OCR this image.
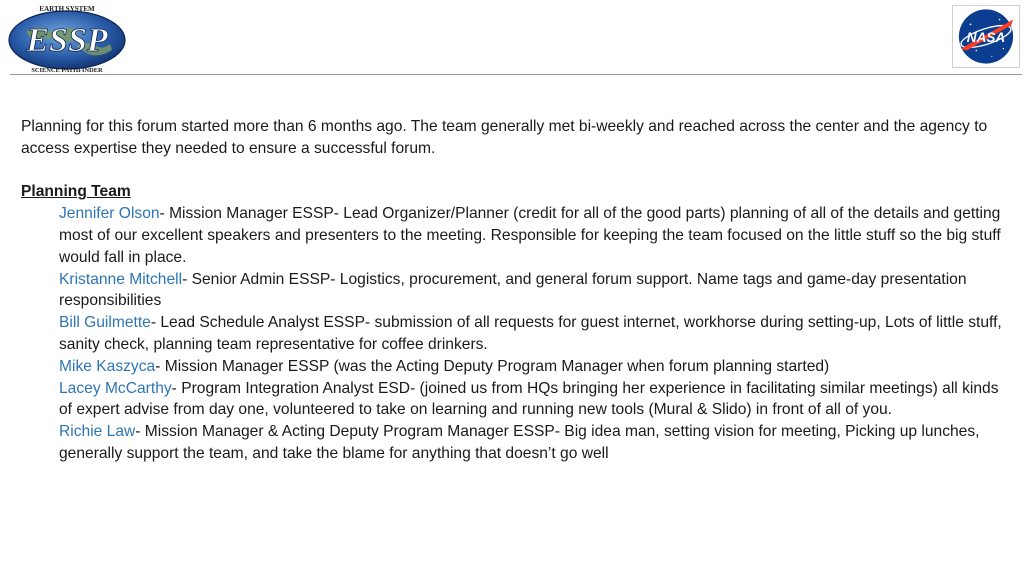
EARTH SYSTEM
ESSP
SCIENCE PATHFINDER
NASA

Planning for this forum started more than 6 months ago. The team generally met bi-weekly and reached across the center and the agency to access expertise they needed to ensure a successful forum.

Planning Team
Jennifer Olson- Mission Manager ESSP- Lead Organizer/Planner (credit for all of the good parts) planning of all of the details and getting most of our excellent speakers and presenters to the meeting. Responsible for keeping the team focused on the little stuff so the big stuff would fall in place.
Kristanne Mitchell- Senior Admin ESSP- Logistics, procurement, and general forum support. Name tags and game-day presentation responsibilities
Bill Guilmette- Lead Schedule Analyst ESSP- submission of all requests for guest internet, workhorse during setting-up, Lots of little stuff, sanity check, planning team representative for coffee drinkers.
Mike Kaszyca- Mission Manager ESSP (was the Acting Deputy Program Manager when forum planning started)
Lacey McCarthy- Program Integration Analyst ESD- (joined us from HQs bringing her experience in facilitating similar meetings) all kinds of expert advise from day one, volunteered to take on learning and running new tools (Mural & Slido) in front of all of you.
Richie Law- Mission Manager & Acting Deputy Program Manager ESSP- Big idea man, setting vision for meeting, Picking up lunches, generally support the team, and take the blame for anything that doesn’t go well
